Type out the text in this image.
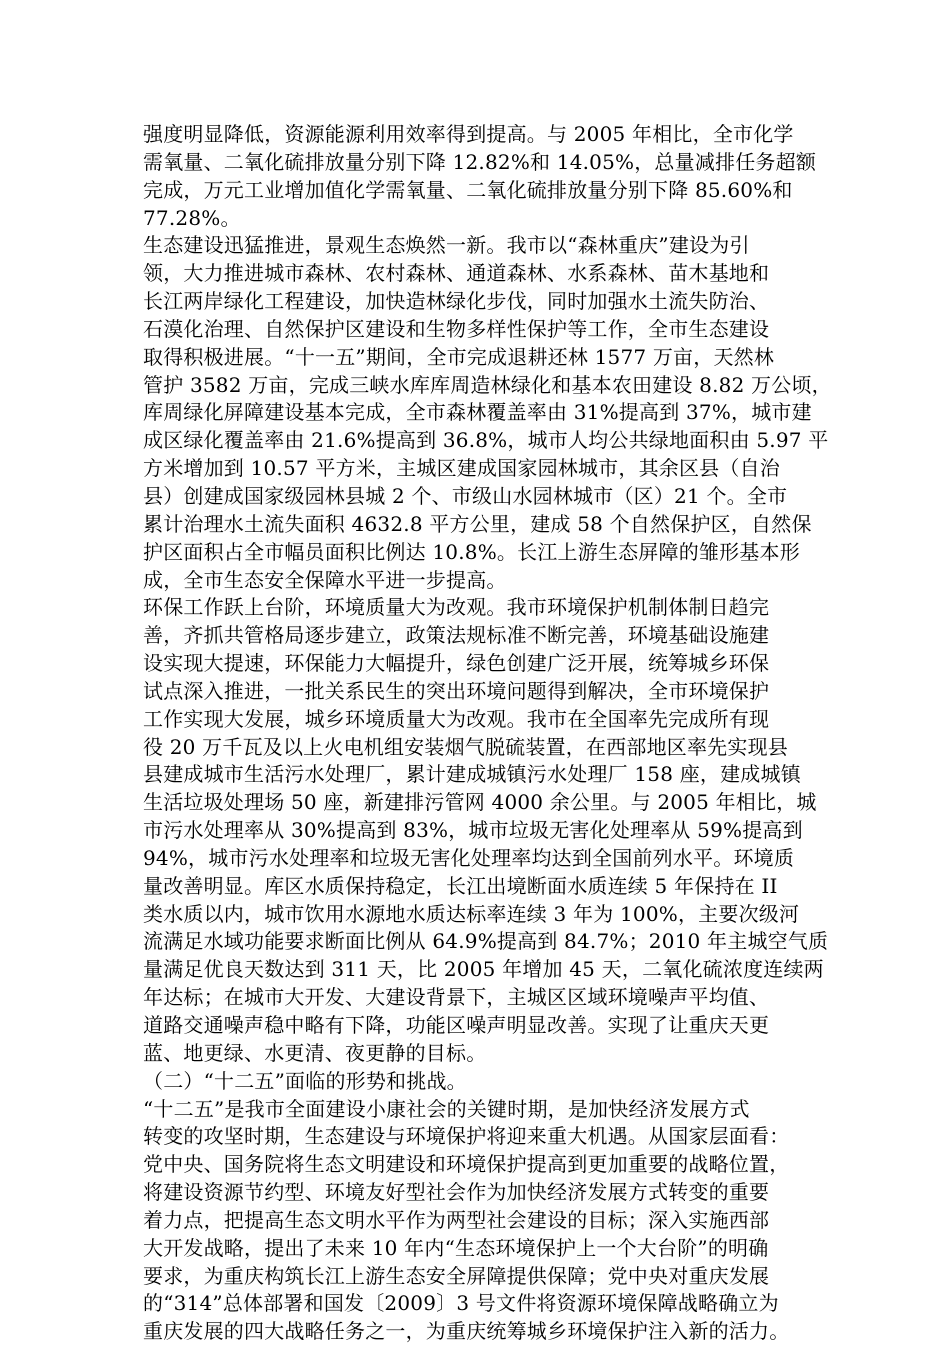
强度明显降低，资源能源利用效率得到提高。与 2005 年相比，全市化学
需氧量、二氧化硫排放量分别下降 12.82%和 14.05%，总量减排任务超额
完成，万元工业增加值化学需氧量、二氧化硫排放量分别下降 85.60%和
77.28%。
生态建设迅猛推进，景观生态焕然一新。我市以“森林重庆”建设为引
领，大力推进城市森林、农村森林、通道森林、水系森林、苗木基地和
长江两岸绿化工程建设，加快造林绿化步伐，同时加强水土流失防治、
石漠化治理、自然保护区建设和生物多样性保护等工作，全市生态建设
取得积极进展。“十一五”期间，全市完成退耕还林 1577 万亩，天然林
管护 3582 万亩，完成三峡水库库周造林绿化和基本农田建设 8.82 万公顷，
库周绿化屏障建设基本完成，全市森林覆盖率由 31%提高到 37%，城市建
成区绿化覆盖率由 21.6%提高到 36.8%，城市人均公共绿地面积由 5.97 平
方米增加到 10.57 平方米，主城区建成国家园林城市，其余区县（自治
县）创建成国家级园林县城 2 个、市级山水园林城市（区）21 个。全市
累计治理水土流失面积 4632.8 平方公里，建成 58 个自然保护区，自然保
护区面积占全市幅员面积比例达 10.8%。长江上游生态屏障的雏形基本形
成，全市生态安全保障水平进一步提高。
环保工作跃上台阶，环境质量大为改观。我市环境保护机制体制日趋完
善，齐抓共管格局逐步建立，政策法规标准不断完善，环境基础设施建
设实现大提速，环保能力大幅提升，绿色创建广泛开展，统筹城乡环保
试点深入推进，一批关系民生的突出环境问题得到解决，全市环境保护
工作实现大发展，城乡环境质量大为改观。我市在全国率先完成所有现
役 20 万千瓦及以上火电机组安装烟气脱硫装置，在西部地区率先实现县
县建成城市生活污水处理厂，累计建成城镇污水处理厂 158 座，建成城镇
生活垃圾处理场 50 座，新建排污管网 4000 余公里。与 2005 年相比，城
市污水处理率从 30%提高到 83%，城市垃圾无害化处理率从 59%提高到
94%，城市污水处理率和垃圾无害化处理率均达到全国前列水平。环境质
量改善明显。库区水质保持稳定，长江出境断面水质连续 5 年保持在 II
类水质以内，城市饮用水源地水质达标率连续 3 年为 100%，主要次级河
流满足水域功能要求断面比例从 64.9%提高到 84.7%；2010 年主城空气质
量满足优良天数达到 311 天，比 2005 年增加 45 天，二氧化硫浓度连续两
年达标；在城市大开发、大建设背景下，主城区区域环境噪声平均值、
道路交通噪声稳中略有下降，功能区噪声明显改善。实现了让重庆天更
蓝、地更绿、水更清、夜更静的目标。
（二）“十二五”面临的形势和挑战。
“十二五”是我市全面建设小康社会的关键时期，是加快经济发展方式
转变的攻坚时期，生态建设与环境保护将迎来重大机遇。从国家层面看：
党中央、国务院将生态文明建设和环境保护提高到更加重要的战略位置，
将建设资源节约型、环境友好型社会作为加快经济发展方式转变的重要
着力点，把提高生态文明水平作为两型社会建设的目标；深入实施西部
大开发战略，提出了未来 10 年内“生态环境保护上一个大台阶”的明确
要求，为重庆构筑长江上游生态安全屏障提供保障；党中央对重庆发展
的“314”总体部署和国发〔2009〕3 号文件将资源环境保障战略确立为
重庆发展的四大战略任务之一，为重庆统筹城乡环境保护注入新的活力。
